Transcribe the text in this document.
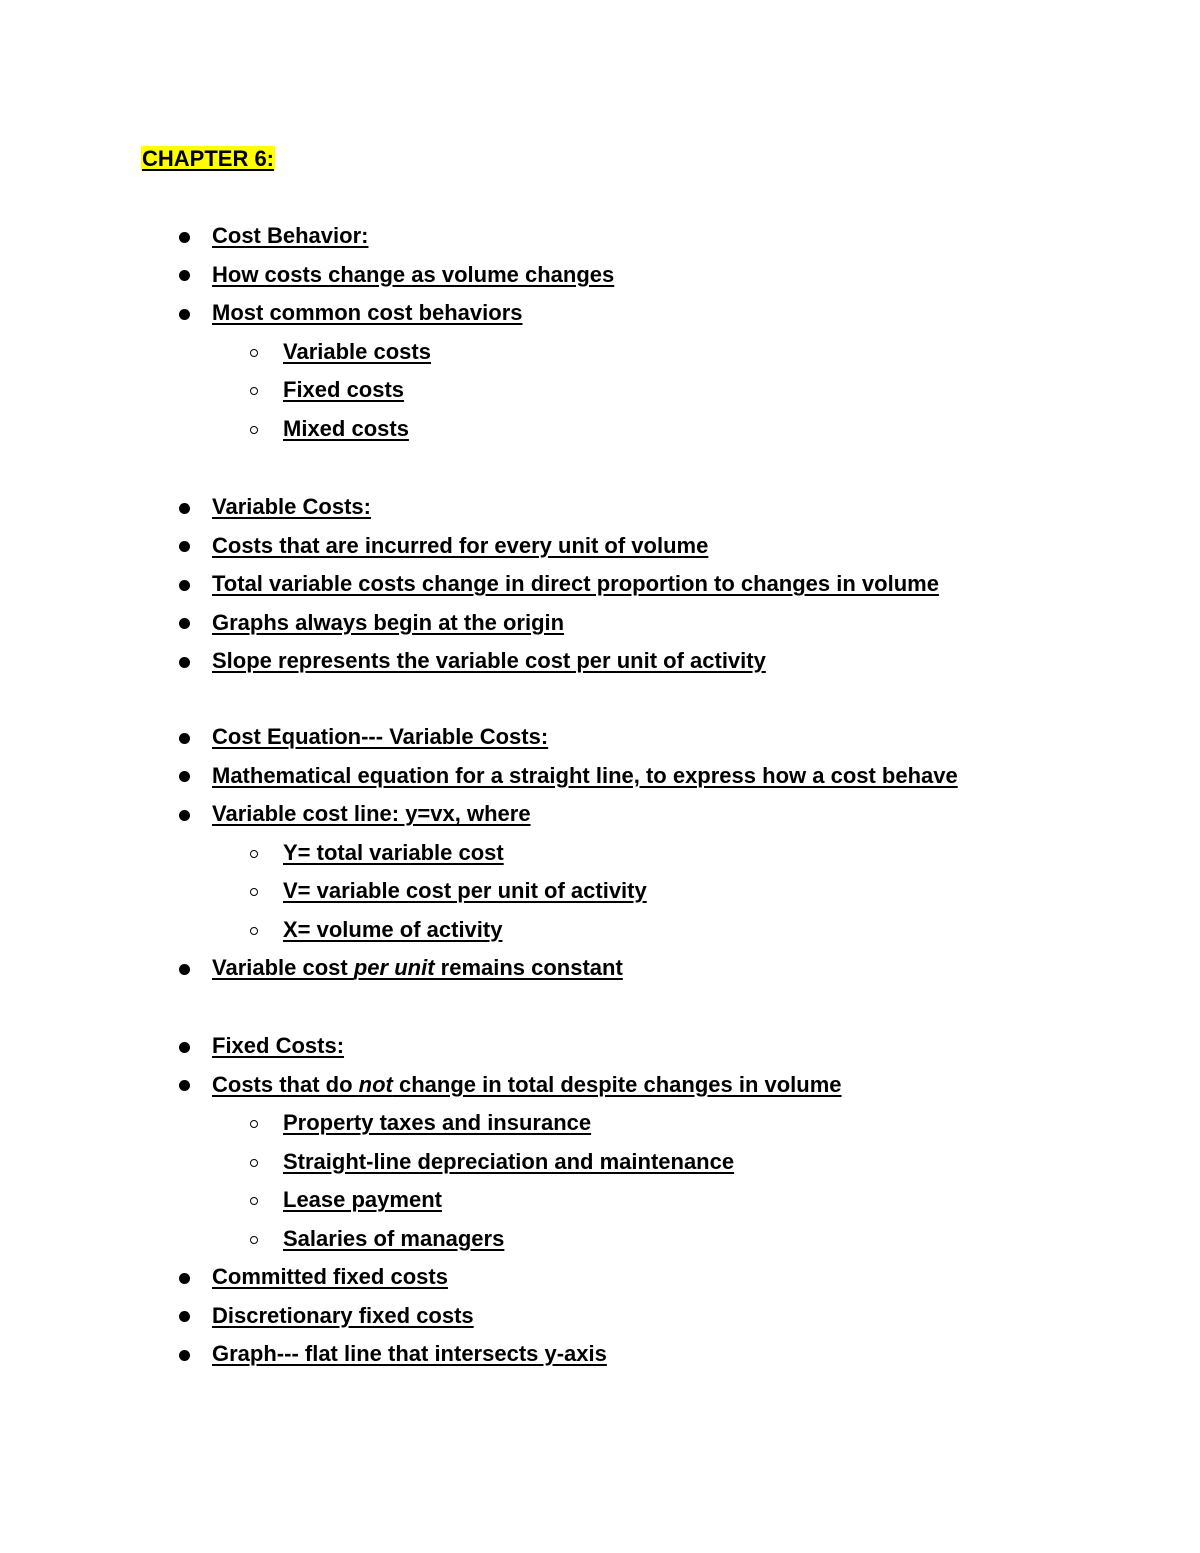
CHAPTER 6:
Cost Behavior:
How costs change as volume changes
Most common cost behaviors
Variable costs
Fixed costs
Mixed costs
Variable Costs:
Costs that are incurred for every unit of volume
Total variable costs change in direct proportion to changes in volume
Graphs always begin at the origin
Slope represents the variable cost per unit of activity
Cost Equation--- Variable Costs:
Mathematical equation for a straight line, to express how a cost behave
Variable cost line: y=vx, where
Y= total variable cost
V= variable cost per unit of activity
X= volume of activity
Variable cost per unit remains constant
Fixed Costs:
Costs that do not change in total despite changes in volume
Property taxes and insurance
Straight-line depreciation and maintenance
Lease payment
Salaries of managers
Committed fixed costs
Discretionary fixed costs
Graph--- flat line that intersects y-axis
